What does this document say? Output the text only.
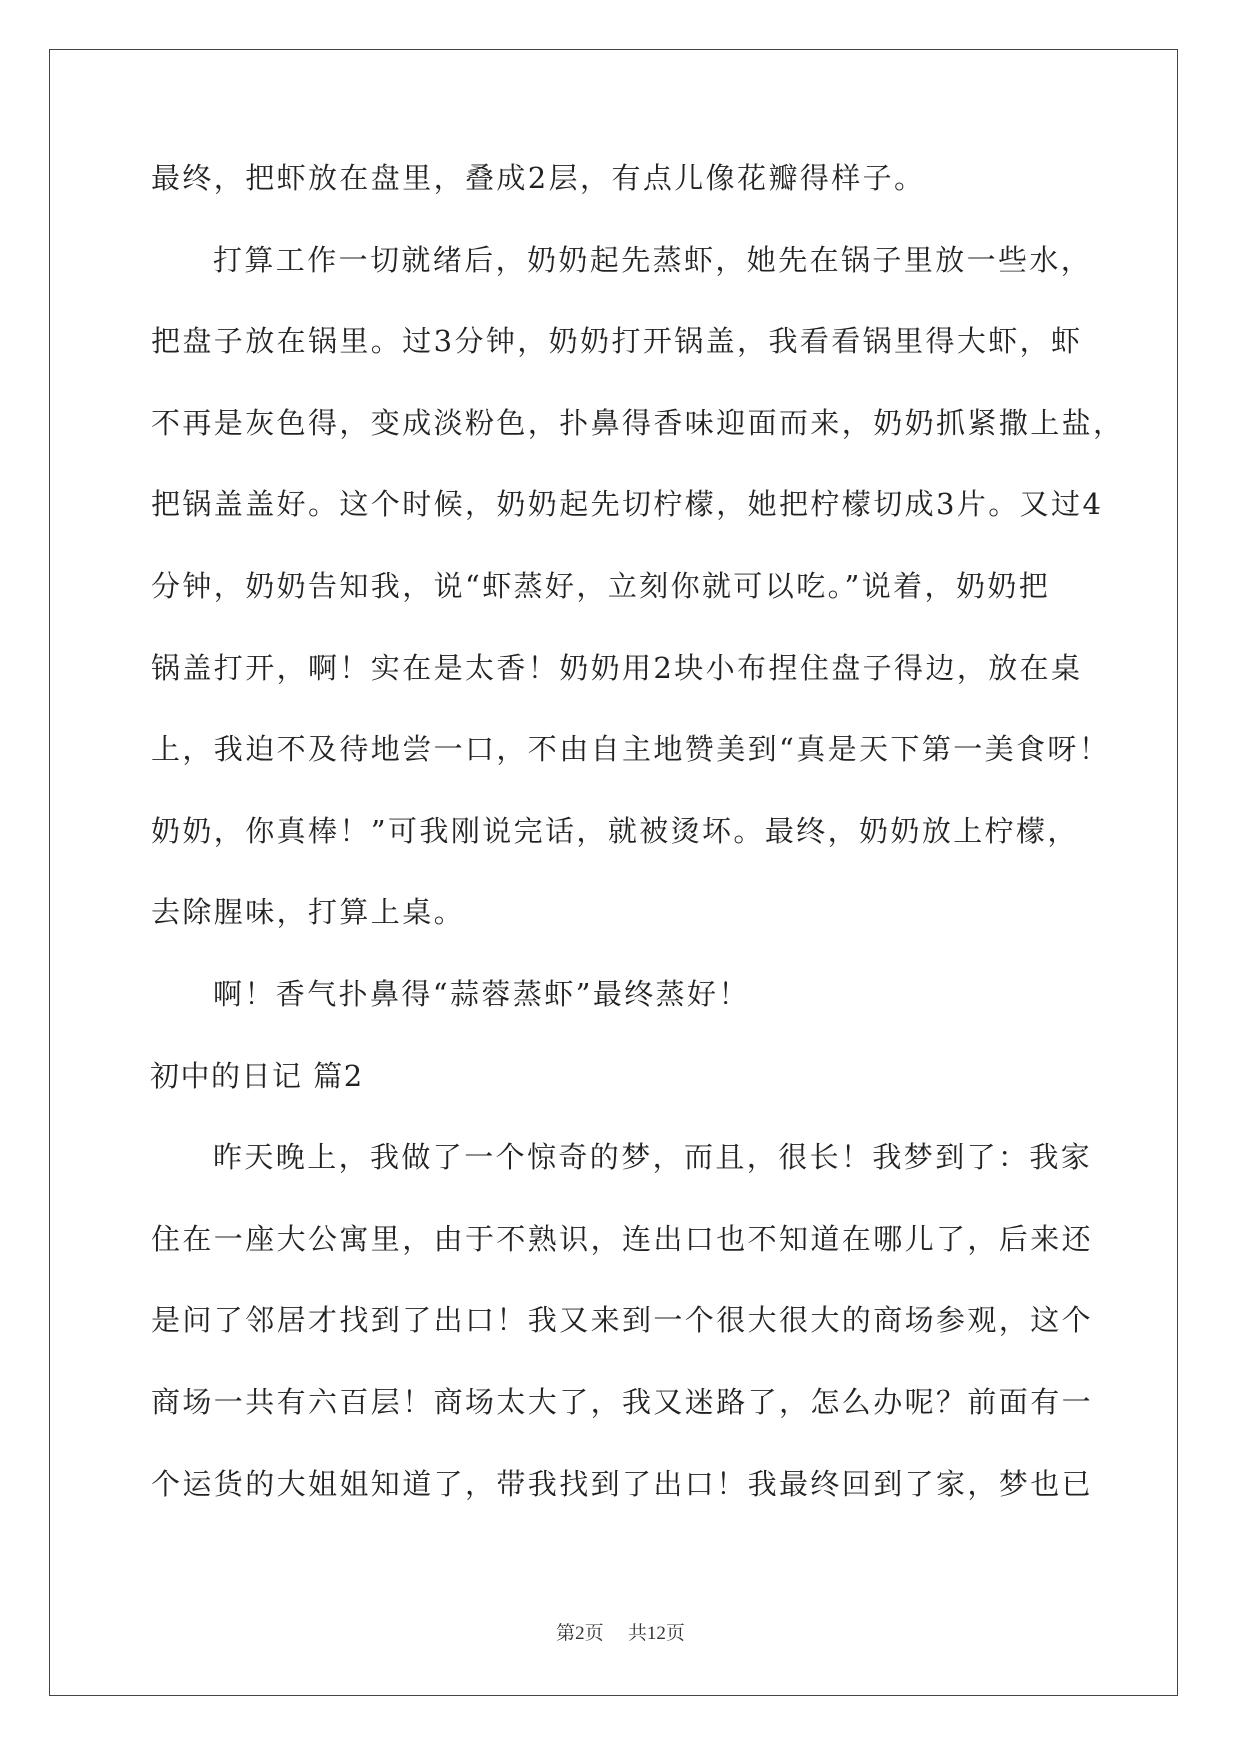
最终，把虾放在盘里，叠成2层，有点儿像花瓣得样子。
打算工作一切就绪后，奶奶起先蒸虾，她先在锅子里放一些水，
把盘子放在锅里。过3分钟，奶奶打开锅盖，我看看锅里得大虾，虾
不再是灰色得，变成淡粉色，扑鼻得香味迎面而来，奶奶抓紧撒上盐，
把锅盖盖好。这个时候，奶奶起先切柠檬，她把柠檬切成3片。又过4
分钟，奶奶告知我，说“虾蒸好，立刻你就可以吃。”说着，奶奶把
锅盖打开，啊！实在是太香！奶奶用2块小布捏住盘子得边，放在桌
上，我迫不及待地尝一口，不由自主地赞美到“真是天下第一美食呀！
奶奶，你真棒！”可我刚说完话，就被烫坏。最终，奶奶放上柠檬，
去除腥味，打算上桌。
啊！香气扑鼻得“蒜蓉蒸虾”最终蒸好！
初中的日记 篇2
昨天晚上，我做了一个惊奇的梦，而且，很长！我梦到了：我家
住在一座大公寓里，由于不熟识，连出口也不知道在哪儿了，后来还
是问了邻居才找到了出口！我又来到一个很大很大的商场参观，这个
商场一共有六百层！商场太大了，我又迷路了，怎么办呢？前面有一
个运货的大姐姐知道了，带我找到了出口！我最终回到了家，梦也已
第2页 共12页
